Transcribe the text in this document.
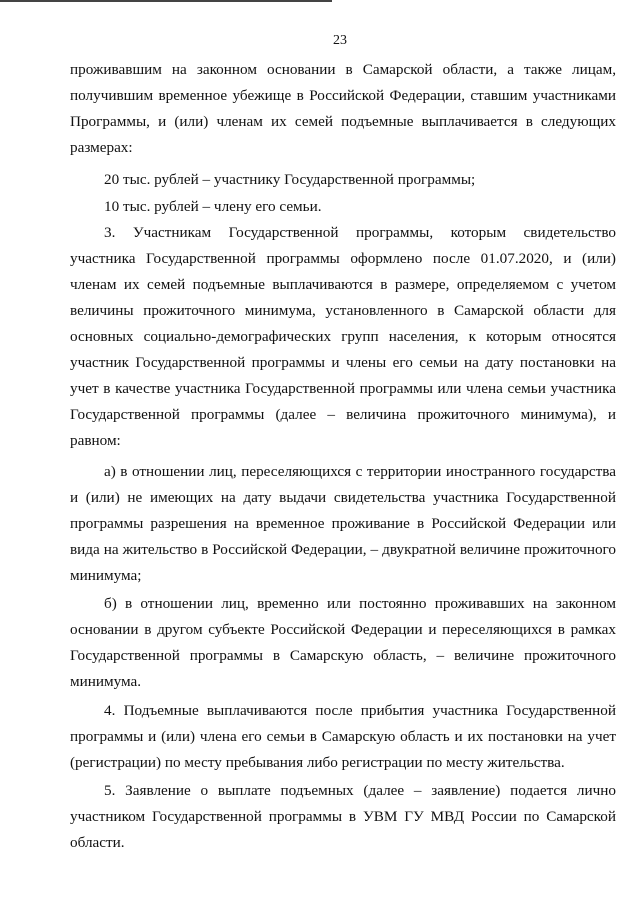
23

проживавшим на законном основании в Самарской области, а также лицам, получившим временное убежище в Российской Федерации, ставшим участниками Программы, и (или) членам их семей подъемные выплачивается в следующих размерах:

20 тыс. рублей – участнику Государственной программы;

10 тыс. рублей – члену его семьи.

3. Участникам Государственной программы, которым свидетельство участника Государственной программы оформлено после 01.07.2020, и (или) членам их семей подъемные выплачиваются в размере, определяемом с учетом величины прожиточного минимума, установленного в Самарской области для основных социально-демографических групп населения, к которым относятся участник Государственной программы и члены его семьи на дату постановки на учет в качестве участника Государственной программы или члена семьи участника Государственной программы (далее – величина прожиточного минимума), и равном:

а) в отношении лиц, переселяющихся с территории иностранного государства и (или) не имеющих на дату выдачи свидетельства участника Государственной программы разрешения на временное проживание в Российской Федерации или вида на жительство в Российской Федерации, – двукратной величине прожиточного минимума;

б) в отношении лиц, временно или постоянно проживавших на законном основании в другом субъекте Российской Федерации и переселяющихся в рамках Государственной программы в Самарскую область, – величине прожиточного минимума.

4. Подъемные выплачиваются после прибытия участника Государственной программы и (или) члена его семьи в Самарскую область и их постановки на учет (регистрации) по месту пребывания либо регистрации по месту жительства.

5. Заявление о выплате подъемных (далее – заявление) подается лично участником Государственной программы в УВМ ГУ МВД России по Самарской области.
